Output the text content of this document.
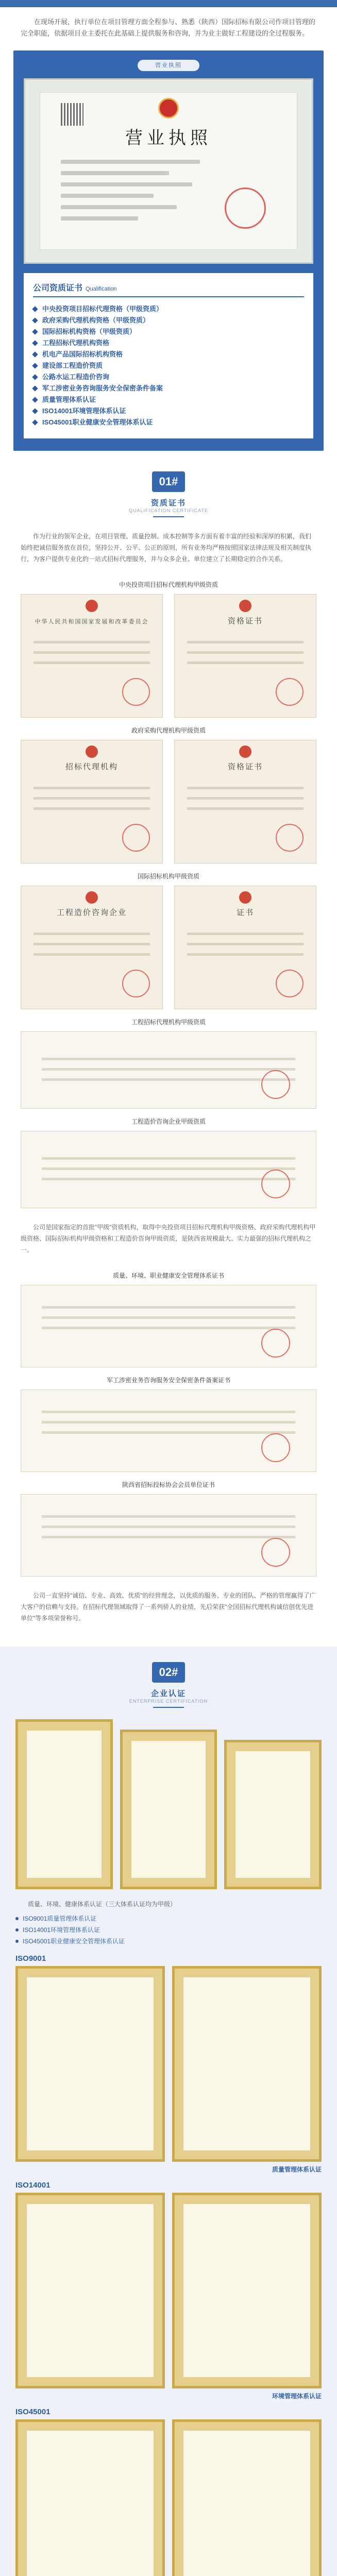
在现场开展，执行单位在项目管理方面全程参与、熟悉（陕西）国际招标有限公司作项目管理的完全职能，依据项目业主委托在此基础上提供服务和咨询，并为业主做好工程建设的全过程服务。

营业执照
营业执照
公司资质证书 Qualification
中央投资项目招标代理资格（甲级资质）
政府采购代理机构资格（甲级资质）
国际招标机构资格（甲级资质）
工程招标代理机构资格
机电产品国际招标机构资格
建设部工程造价资质
公路水运工程造价咨询
军工涉密业务咨询服务安全保密条件备案
质量管理体系认证
ISO14001环境管理体系认证
ISO45001职业健康安全管理体系认证
01#
资质证书
QUALIFICATION CERTIFICATE

作为行业的领军企业，在项目管理、质量控制、成本控制等多方面有着丰富的经验和深厚的积累，我们始终把诚信服务放在首位，坚持公开、公平、公正的原则，所有业务均严格按照国家法律法规及相关制度执行，为客户提供专业化的一站式招标代理服务，并与众多企业、单位建立了长期稳定的合作关系。

中央投资项目招标代理机构甲级资质
中华人民共和国国家发展和改革委员会	资格证书
政府采购代理机构甲级资质
招标代理机构	资格证书
国际招标机构甲级资质
工程造价咨询企业	证书
工程招标代理机构甲级资质
工程造价咨询企业甲级资质

公司是国家指定的首批"甲级"资质机构，取得中央投资项目招标代理机构甲级资格、政府采购代理机构甲级资格、国际招标机构甲级资格和工程造价咨询甲级资质，是陕西省规模最大、实力最强的招标代理机构之一。

质量、环境、职业健康安全管理体系证书
军工涉密业务咨询服务安全保密条件备案证书
陕西省招标投标协会会员单位证书

公司一直坚持"诚信、专业、高效、优质"的经营理念，以优质的服务、专业的团队、严格的管理赢得了广大客户的信赖与支持。在招标代理领域取得了一系列骄人的业绩，先后荣获"全国招标代理机构诚信创优先进单位"等多项荣誉称号。

02#
企业认证
ENTERPRISE CERTIFICATION

质量、环境、健康体系认证（三大体系认证均为甲级）

ISO9001质量管理体系认证
ISO14001环境管理体系认证
ISO45001职业健康安全管理体系认证
ISO9001
质量管理体系认证
ISO14001
环境管理体系认证
ISO45001
